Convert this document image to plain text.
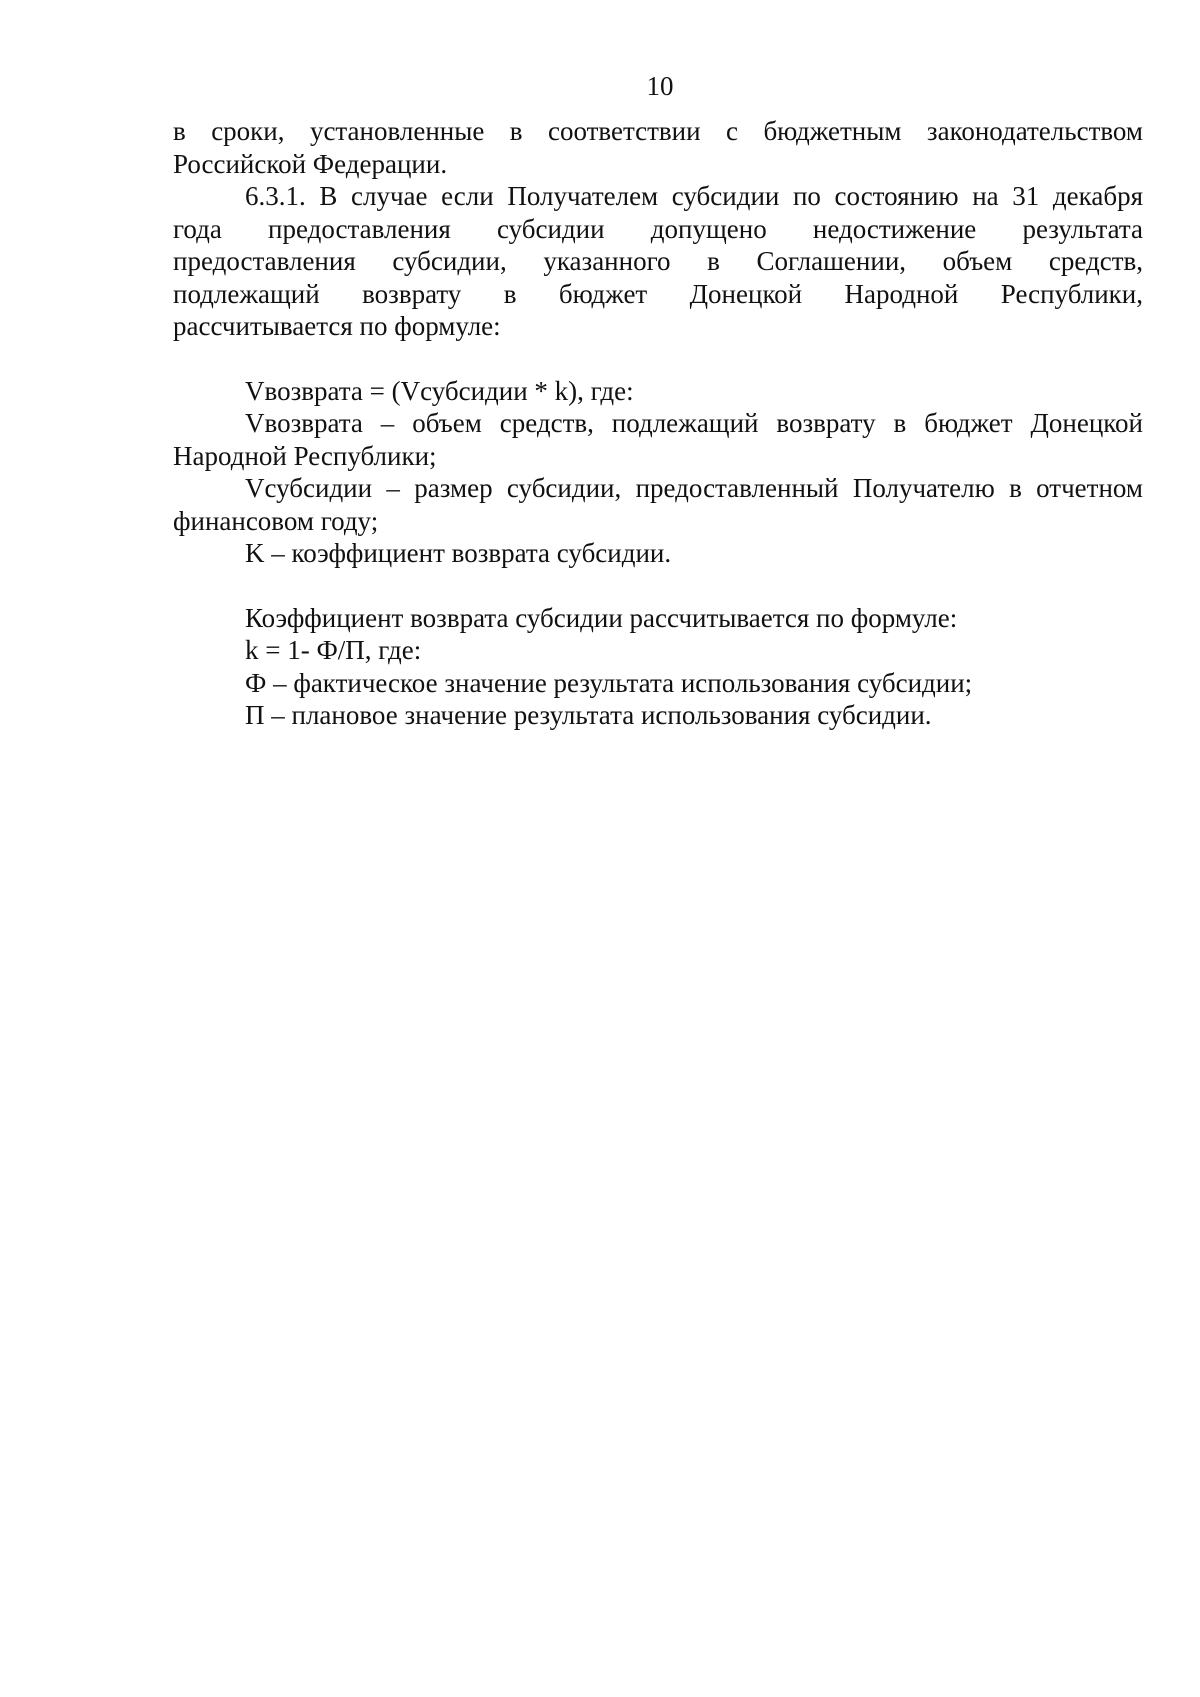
10

в сроки, установленные в соответствии с бюджетным законодательством

Российской Федерации.

6.3.1. В случае если Получателем субсидии по состоянию на 31 декабря

года предоставления субсидии допущено недостижение результата

предоставления субсидии, указанного в Соглашении, объем средств,

подлежащий возврату в бюджет Донецкой Народной Республики,

рассчитывается по формуле:

Vвозврата = (Vсубсидии * k), где:

Vвозврата – объем средств, подлежащий возврату в бюджет Донецкой

Народной Республики;

Vсубсидии – размер субсидии, предоставленный Получателю в отчетном

финансовом году;

K – коэффициент возврата субсидии.

Коэффициент возврата субсидии рассчитывается по формуле:

k = 1- Ф/П, где:

Ф – фактическое значение результата использования субсидии;

П – плановое значение результата использования субсидии.
